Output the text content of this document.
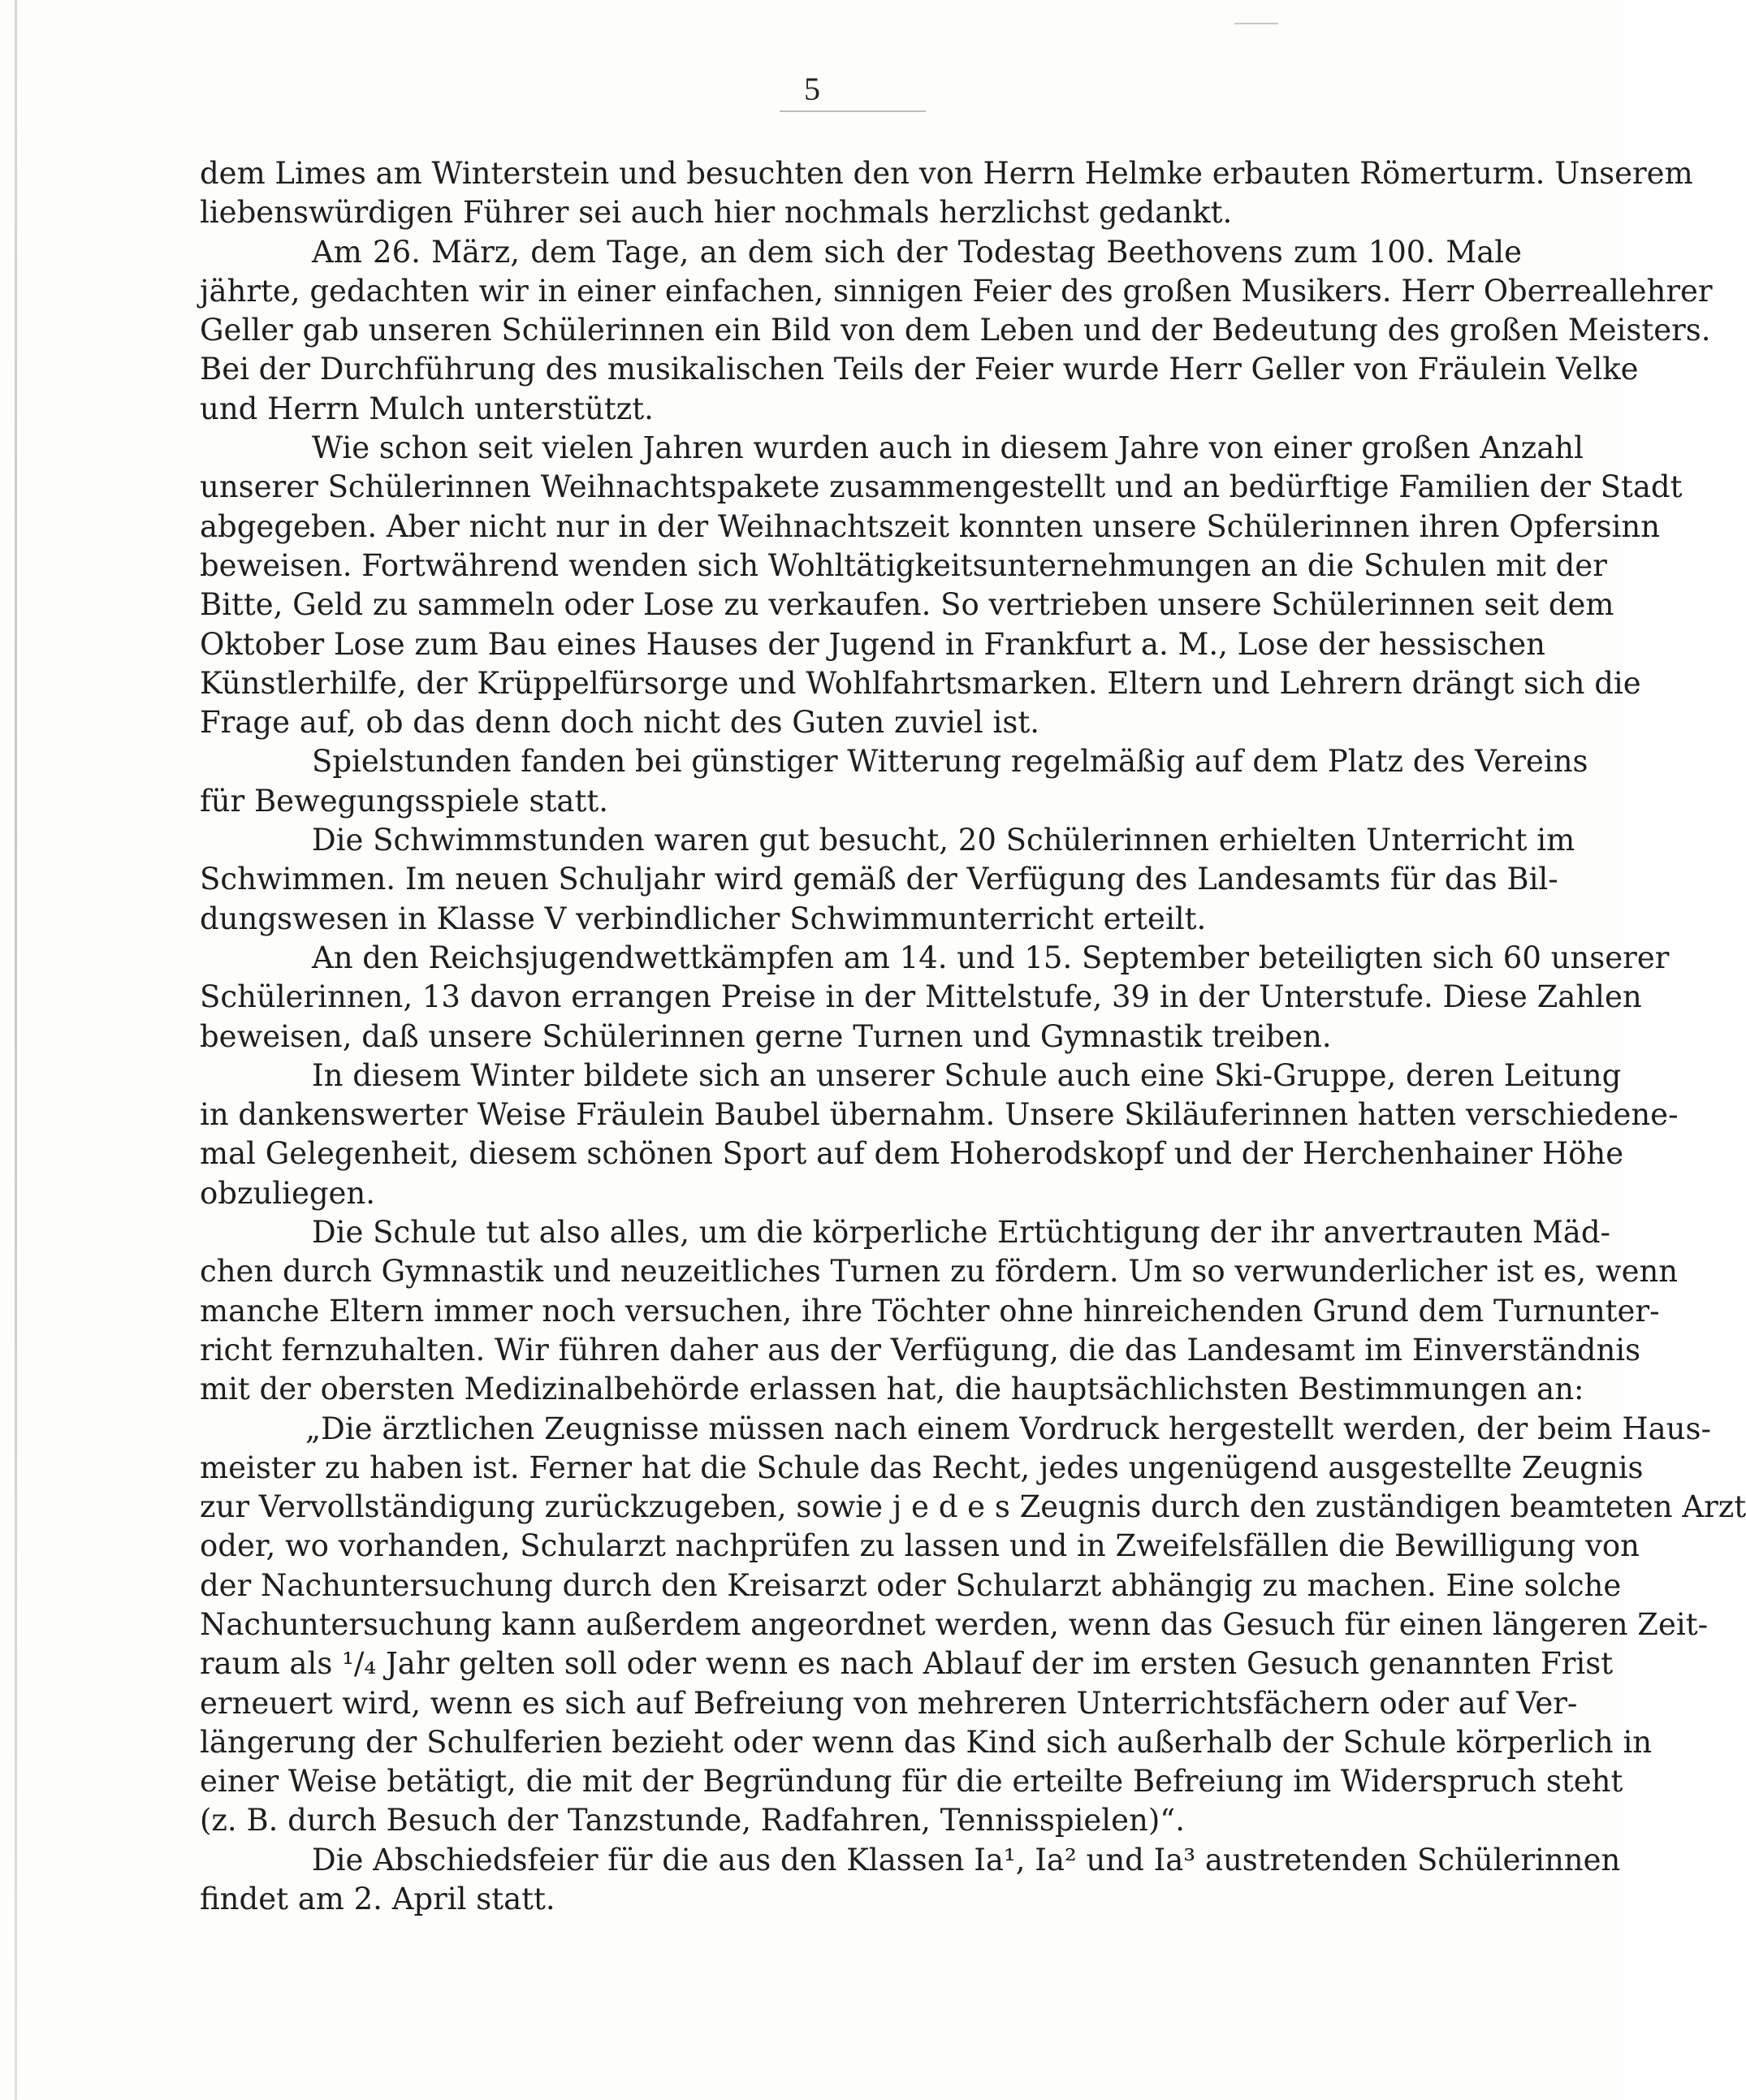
5
dem Limes am Winterstein und besuchten den von Herrn Helmke erbauten Römerturm. Unserem
liebenswürdigen Führer sei auch hier nochmals herzlichst gedankt.
Am 26. März, dem Tage, an dem sich der Todestag Beethovens zum 100. Male
jährte, gedachten wir in einer einfachen, sinnigen Feier des großen Musikers. Herr Oberreallehrer
Geller gab unseren Schülerinnen ein Bild von dem Leben und der Bedeutung des großen Meisters.
Bei der Durchführung des musikalischen Teils der Feier wurde Herr Geller von Fräulein Velke
und Herrn Mulch unterstützt.
Wie schon seit vielen Jahren wurden auch in diesem Jahre von einer großen Anzahl
unserer Schülerinnen Weihnachtspakete zusammengestellt und an bedürftige Familien der Stadt
abgegeben. Aber nicht nur in der Weihnachtszeit konnten unsere Schülerinnen ihren Opfersinn
beweisen. Fortwährend wenden sich Wohltätigkeitsunternehmungen an die Schulen mit der
Bitte, Geld zu sammeln oder Lose zu verkaufen. So vertrieben unsere Schülerinnen seit dem
Oktober Lose zum Bau eines Hauses der Jugend in Frankfurt a. M., Lose der hessischen
Künstlerhilfe, der Krüppelfürsorge und Wohlfahrtsmarken. Eltern und Lehrern drängt sich die
Frage auf, ob das denn doch nicht des Guten zuviel ist.
Spielstunden fanden bei günstiger Witterung regelmäßig auf dem Platz des Vereins
für Bewegungsspiele statt.
Die Schwimmstunden waren gut besucht, 20 Schülerinnen erhielten Unterricht im
Schwimmen. Im neuen Schuljahr wird gemäß der Verfügung des Landesamts für das Bil-
dungswesen in Klasse V verbindlicher Schwimmunterricht erteilt.
An den Reichsjugendwettkämpfen am 14. und 15. September beteiligten sich 60 unserer
Schülerinnen, 13 davon errangen Preise in der Mittelstufe, 39 in der Unterstufe. Diese Zahlen
beweisen, daß unsere Schülerinnen gerne Turnen und Gymnastik treiben.
In diesem Winter bildete sich an unserer Schule auch eine Ski-Gruppe, deren Leitung
in dankenswerter Weise Fräulein Baubel übernahm. Unsere Skiläuferinnen hatten verschiedene-
mal Gelegenheit, diesem schönen Sport auf dem Hoherodskopf und der Herchenhainer Höhe
obzuliegen.
Die Schule tut also alles, um die körperliche Ertüchtigung der ihr anvertrauten Mäd-
chen durch Gymnastik und neuzeitliches Turnen zu fördern. Um so verwunderlicher ist es, wenn
manche Eltern immer noch versuchen, ihre Töchter ohne hinreichenden Grund dem Turnunter-
richt fernzuhalten. Wir führen daher aus der Verfügung, die das Landesamt im Einverständnis
mit der obersten Medizinalbehörde erlassen hat, die hauptsächlichsten Bestimmungen an:
„Die ärztlichen Zeugnisse müssen nach einem Vordruck hergestellt werden, der beim Haus-
meister zu haben ist. Ferner hat die Schule das Recht, jedes ungenügend ausgestellte Zeugnis
zur Vervollständigung zurückzugeben, sowie j e d e s Zeugnis durch den zuständigen beamteten Arzt
oder, wo vorhanden, Schularzt nachprüfen zu lassen und in Zweifelsfällen die Bewilligung von
der Nachuntersuchung durch den Kreisarzt oder Schularzt abhängig zu machen. Eine solche
Nachuntersuchung kann außerdem angeordnet werden, wenn das Gesuch für einen längeren Zeit-
raum als ¹/₄ Jahr gelten soll oder wenn es nach Ablauf der im ersten Gesuch genannten Frist
erneuert wird, wenn es sich auf Befreiung von mehreren Unterrichtsfächern oder auf Ver-
längerung der Schulferien bezieht oder wenn das Kind sich außerhalb der Schule körperlich in
einer Weise betätigt, die mit der Begründung für die erteilte Befreiung im Widerspruch steht
(z. B. durch Besuch der Tanzstunde, Radfahren, Tennisspielen)“.
Die Abschiedsfeier für die aus den Klassen Ia¹, Ia² und Ia³ austretenden Schülerinnen
findet am 2. April statt.
